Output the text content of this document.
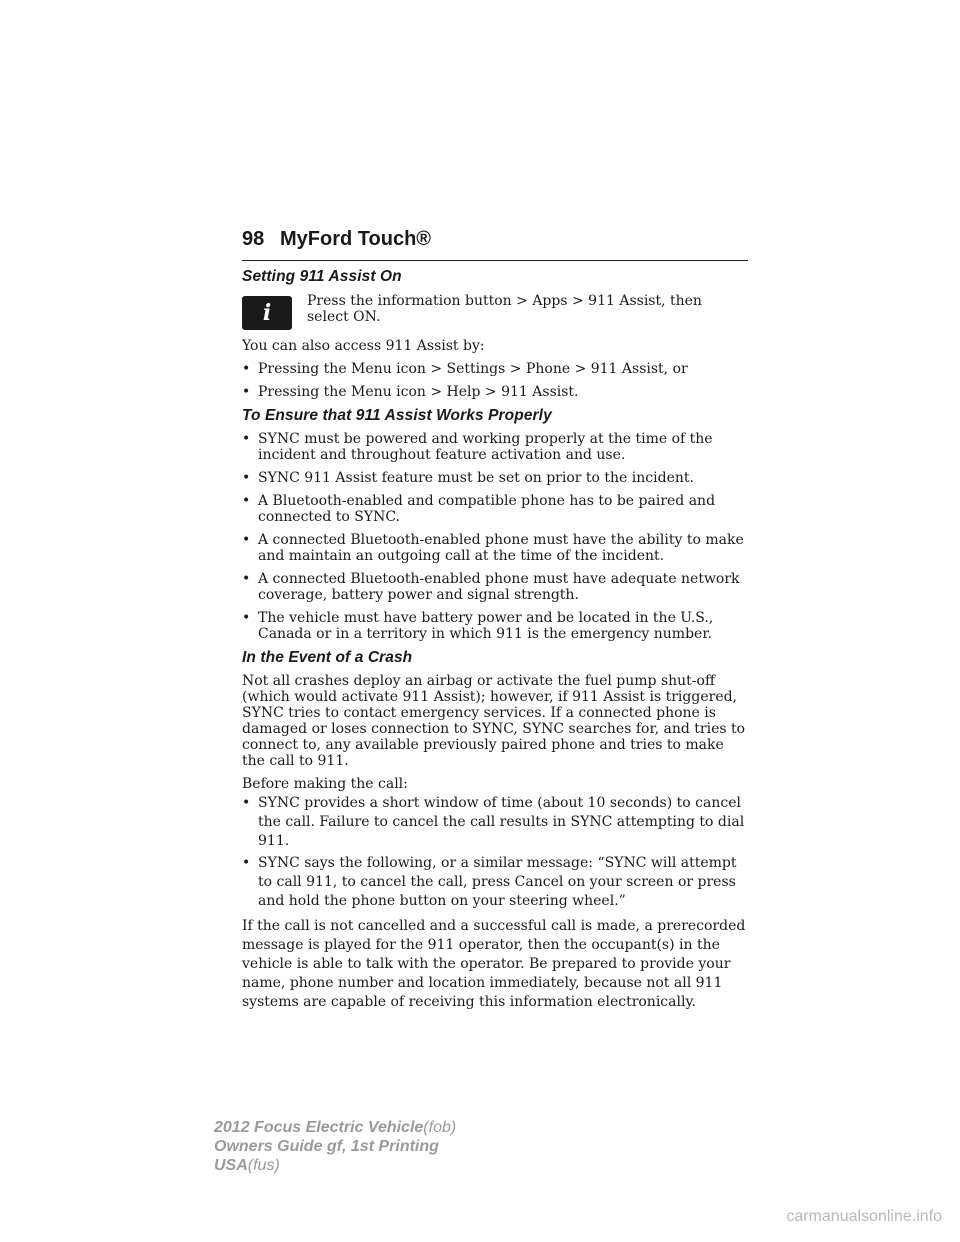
98 MyFord Touch®
Setting 911 Assist On
i	Press the information button > Apps > 911 Assist, then select ON.

You can also access 911 Assist by:

• Pressing the Menu icon > Settings > Phone > 911 Assist, or
• Pressing the Menu icon > Help > 911 Assist.
To Ensure that 911 Assist Works Properly
• SYNC must be powered and working properly at the time of the incident and throughout feature activation and use.
• SYNC 911 Assist feature must be set on prior to the incident.
• A Bluetooth-enabled and compatible phone has to be paired and connected to SYNC.
• A connected Bluetooth-enabled phone must have the ability to make and maintain an outgoing call at the time of the incident.
• A connected Bluetooth-enabled phone must have adequate network coverage, battery power and signal strength.
• The vehicle must have battery power and be located in the U.S., Canada or in a territory in which 911 is the emergency number.
In the Event of a Crash

Not all crashes deploy an airbag or activate the fuel pump shut-off (which would activate 911 Assist); however, if 911 Assist is triggered, SYNC tries to contact emergency services. If a connected phone is damaged or loses connection to SYNC, SYNC searches for, and tries to connect to, any available previously paired phone and tries to make the call to 911.

Before making the call:

• SYNC provides a short window of time (about 10 seconds) to cancel the call. Failure to cancel the call results in SYNC attempting to dial 911.
• SYNC says the following, or a similar message: “SYNC will attempt to call 911, to cancel the call, press Cancel on your screen or press and hold the phone button on your steering wheel.”

If the call is not cancelled and a successful call is made, a prerecorded message is played for the 911 operator, then the occupant(s) in the vehicle is able to talk with the operator. Be prepared to provide your name, phone number and location immediately, because not all 911 systems are capable of receiving this information electronically.

2012 Focus Electric Vehicle(fob)
Owners Guide gf, 1st Printing
USA(fus)
carmanualsonline.info
